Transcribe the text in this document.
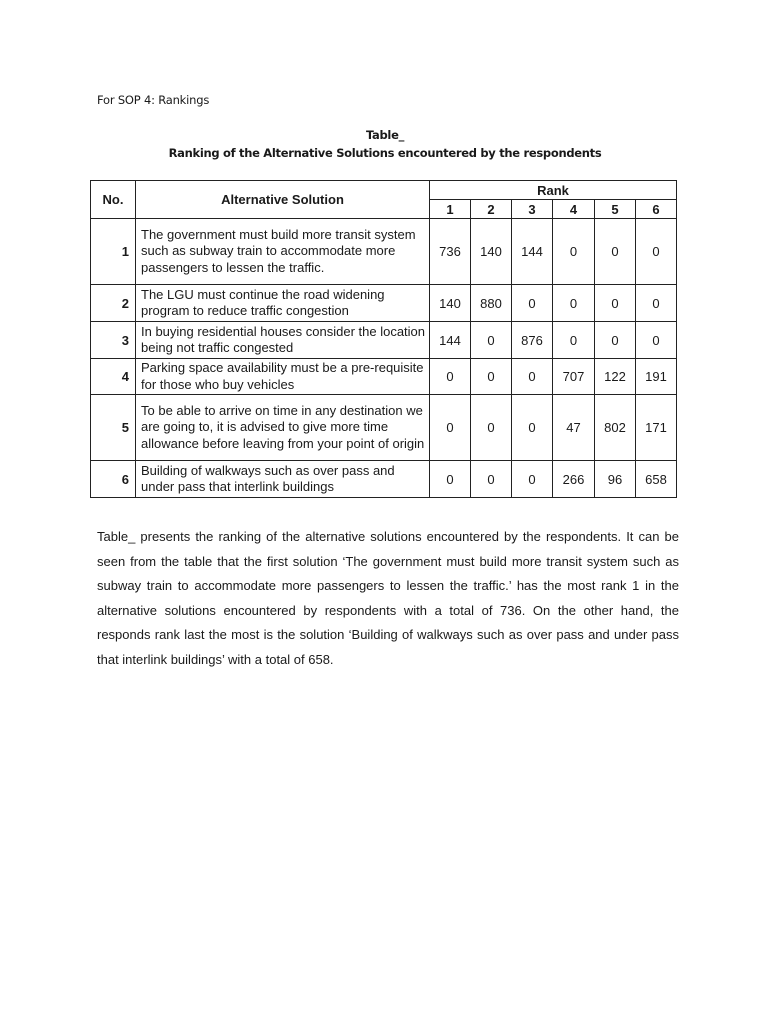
For SOP 4: Rankings
Table_
Ranking of the Alternative Solutions encountered by the respondents
No.	Alternative Solution	Rank					
		1	2	3	4	5	6
1	The government must build more transit system such as subway train to accommodate more passengers to lessen the traffic.	736	140	144	0	0	0
2	The LGU must continue the road widening program to reduce traffic congestion	140	880	0	0	0	0
3	In buying residential houses consider the location being not traffic congested	144	0	876	0	0	0
4	Parking space availability must be a pre-requisite for those who buy vehicles	0	0	0	707	122	191
5	To be able to arrive on time in any destination we are going to, it is advised to give more time allowance before leaving from your point of origin	0	0	0	47	802	171
6	Building of walkways such as over pass and under pass that interlink buildings	0	0	0	266	96	658

Table_ presents the ranking of the alternative solutions encountered by the respondents. It can be seen from the table that the first solution ‘The government must build more transit system such as subway train to accommodate more passengers to lessen the traffic.’ has the most rank 1 in the alternative solutions encountered by respondents with a total of 736. On the other hand, the responds rank last the most is the solution ‘Building of walkways such as over pass and under pass that interlink buildings’ with a total of 658.
